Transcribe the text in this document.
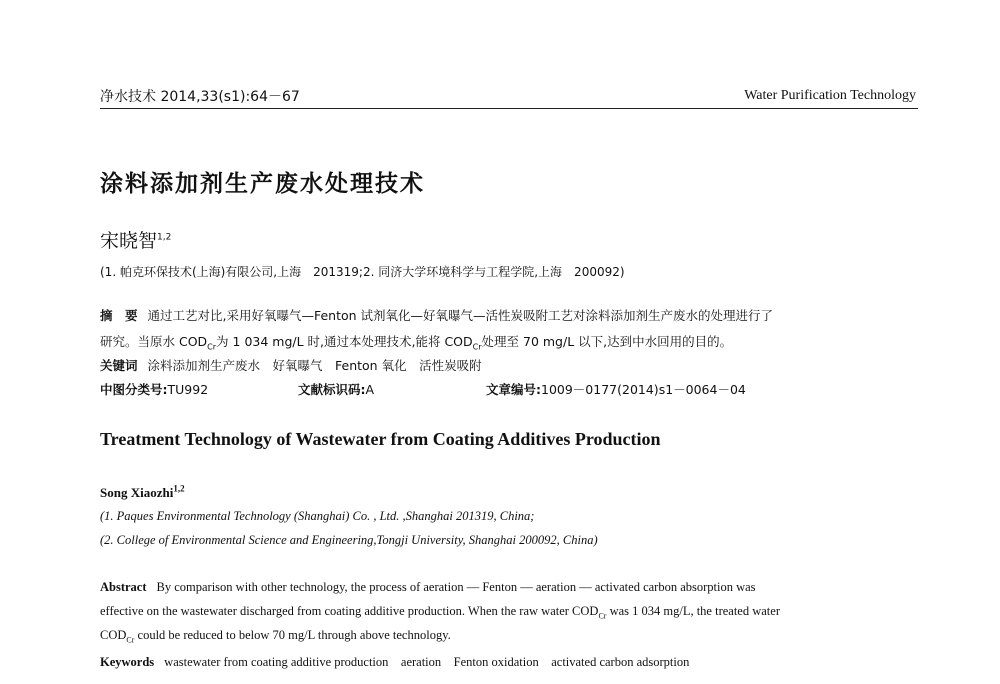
净水技术 2014,33(s1):64－67	Water Purification Technology
涂料添加剂生产废水处理技术
宋晓智$^{1,2}$
(1. 帕克环保技术(上海)有限公司,上海　201319;2. 同济大学环境科学与工程学院,上海　200092)
摘　要 通过工艺对比,采用好氧曝气—Fenton 试剂氧化—好氧曝气—活性炭吸附工艺对涂料添加剂生产废水的处理进行了
研究。当原水 $COD_{Cr}$为 1 034 mg/L 时,通过本处理技术,能将 $COD_{Cr}$处理至 70 mg/L 以下,达到中水回用的目的。
关键词 涂料添加剂生产废水　好氧曝气　Fenton 氧化　活性炭吸附
中图分类号:TU992	文献标识码:A	文章编号:1009－0177(2014)s1－0064－04
Treatment Technology of Wastewater from Coating Additives Production
Song Xiaozhi$^{1,2}$
(1. Paques Environmental Technology (Shanghai) Co. , Ltd. ,Shanghai 201319, China;
(2. College of Environmental Science and Engineering,Tongji University, Shanghai 200092, China)
Abstract By comparison with other technology, the process of aeration — Fenton — aeration — activated carbon absorption was
effective on the wastewater discharged from coating additive production. When the raw water $COD_{Cr}$ was 1 034 mg/L, the treated water
$COD_{Cr}$ could be reduced to below 70 mg/L through above technology.
Keywords wastewater from coating additive production　aeration　Fenton oxidation　activated carbon adsorption
